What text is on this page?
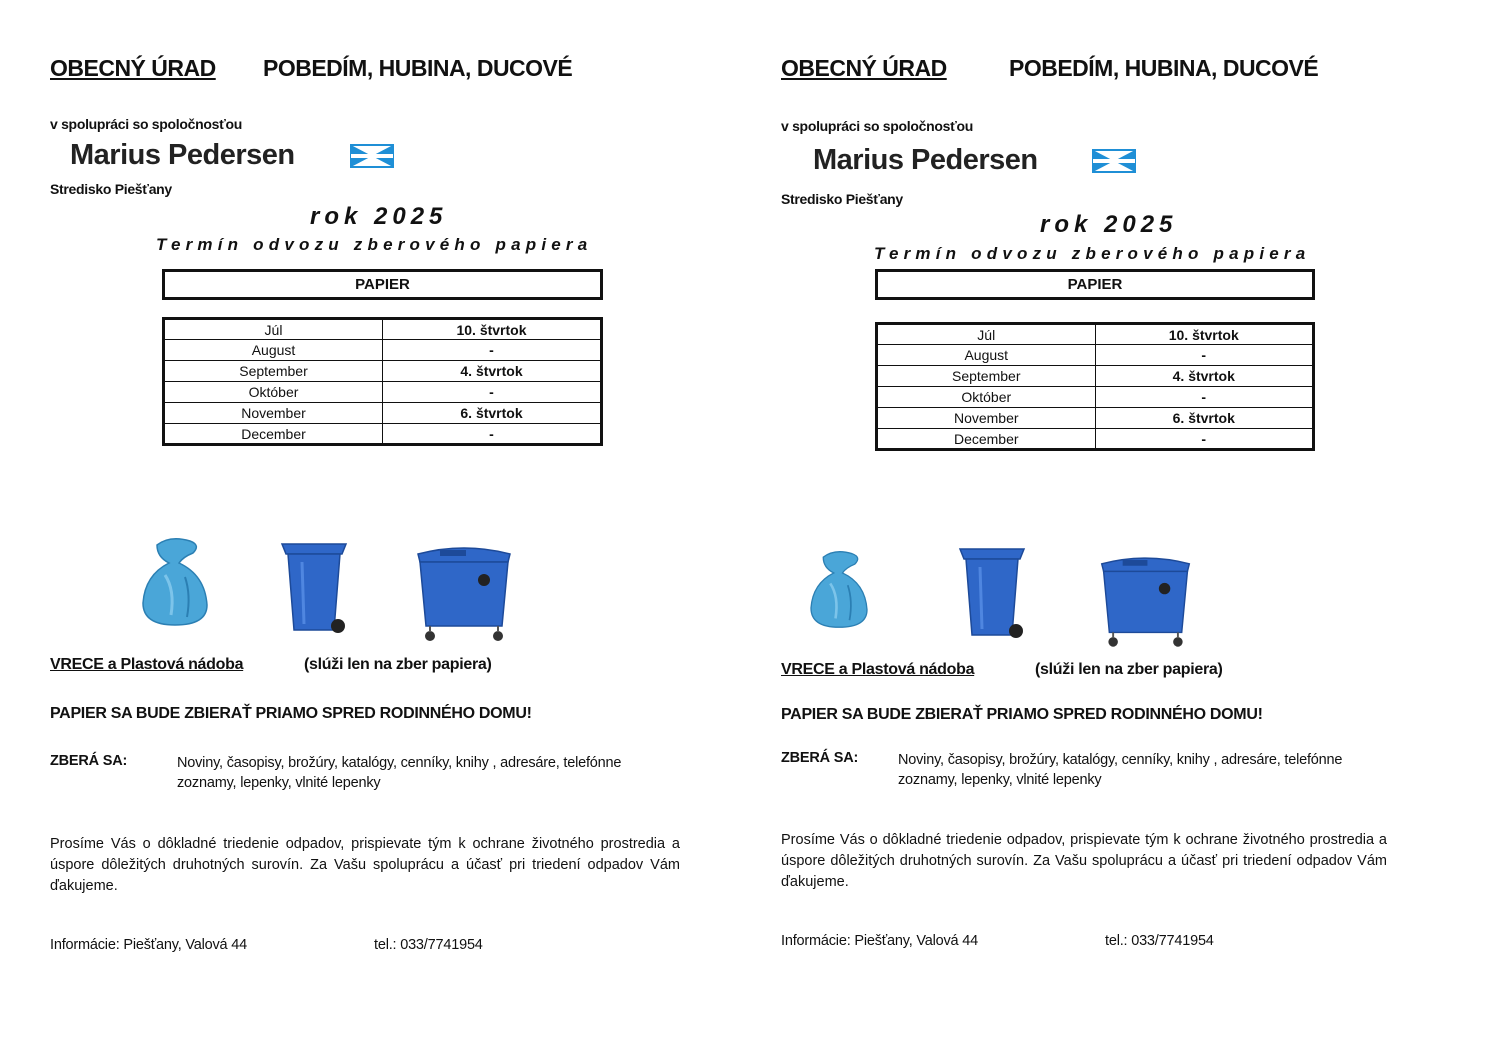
OBECNÝ ÚRAD POBEDÍM, HUBINA, DUCOVÉ
v spolupráci so spoločnosťou
Marius Pedersen
Stredisko Piešťany
rok 2025
Termín odvozu zberového papiera
PAPIER
Júl	10. štvrtok
August	-
September	4. štvrtok
Október	-
November	6. štvrtok
December	-
VRECE a Plastová nádoba	(slúži len na zber papiera)
PAPIER SA BUDE ZBIERAŤ PRIAMO SPRED RODINNÉHO DOMU!
ZBERÁ SA:	Noviny, časopisy, brožúry, katalógy, cenníky, knihy , adresáre, telefónne zoznamy, lepenky, vlnité lepenky
Prosíme Vás o dôkladné triedenie odpadov, prispievate tým k ochrane životného prostredia a úspore dôležitých druhotných surovín. Za Vašu spoluprácu a účasť pri triedení odpadov Vám ďakujeme.
Informácie: Piešťany, Valová 44	tel.: 033/7741954
OBECNÝ ÚRAD	POBEDÍM, HUBINA, DUCOVÉ
v spolupráci so spoločnosťou
Marius Pedersen
Stredisko Piešťany
rok 2025
Termín odvozu zberového papiera
PAPIER
Júl	10. štvrtok
August	-
September	4. štvrtok
Október	-
November	6. štvrtok
December	-
VRECE a Plastová nádoba	(slúži len na zber papiera)
PAPIER SA BUDE ZBIERAŤ PRIAMO SPRED RODINNÉHO DOMU!
ZBERÁ SA:	Noviny, časopisy, brožúry, katalógy, cenníky, knihy , adresáre, telefónne zoznamy, lepenky, vlnité lepenky
Prosíme Vás o dôkladné triedenie odpadov, prispievate tým k ochrane životného prostredia a úspore dôležitých druhotných surovín. Za Vašu spoluprácu a účasť pri triedení odpadov Vám ďakujeme.
Informácie: Piešťany, Valová 44	tel.: 033/7741954
